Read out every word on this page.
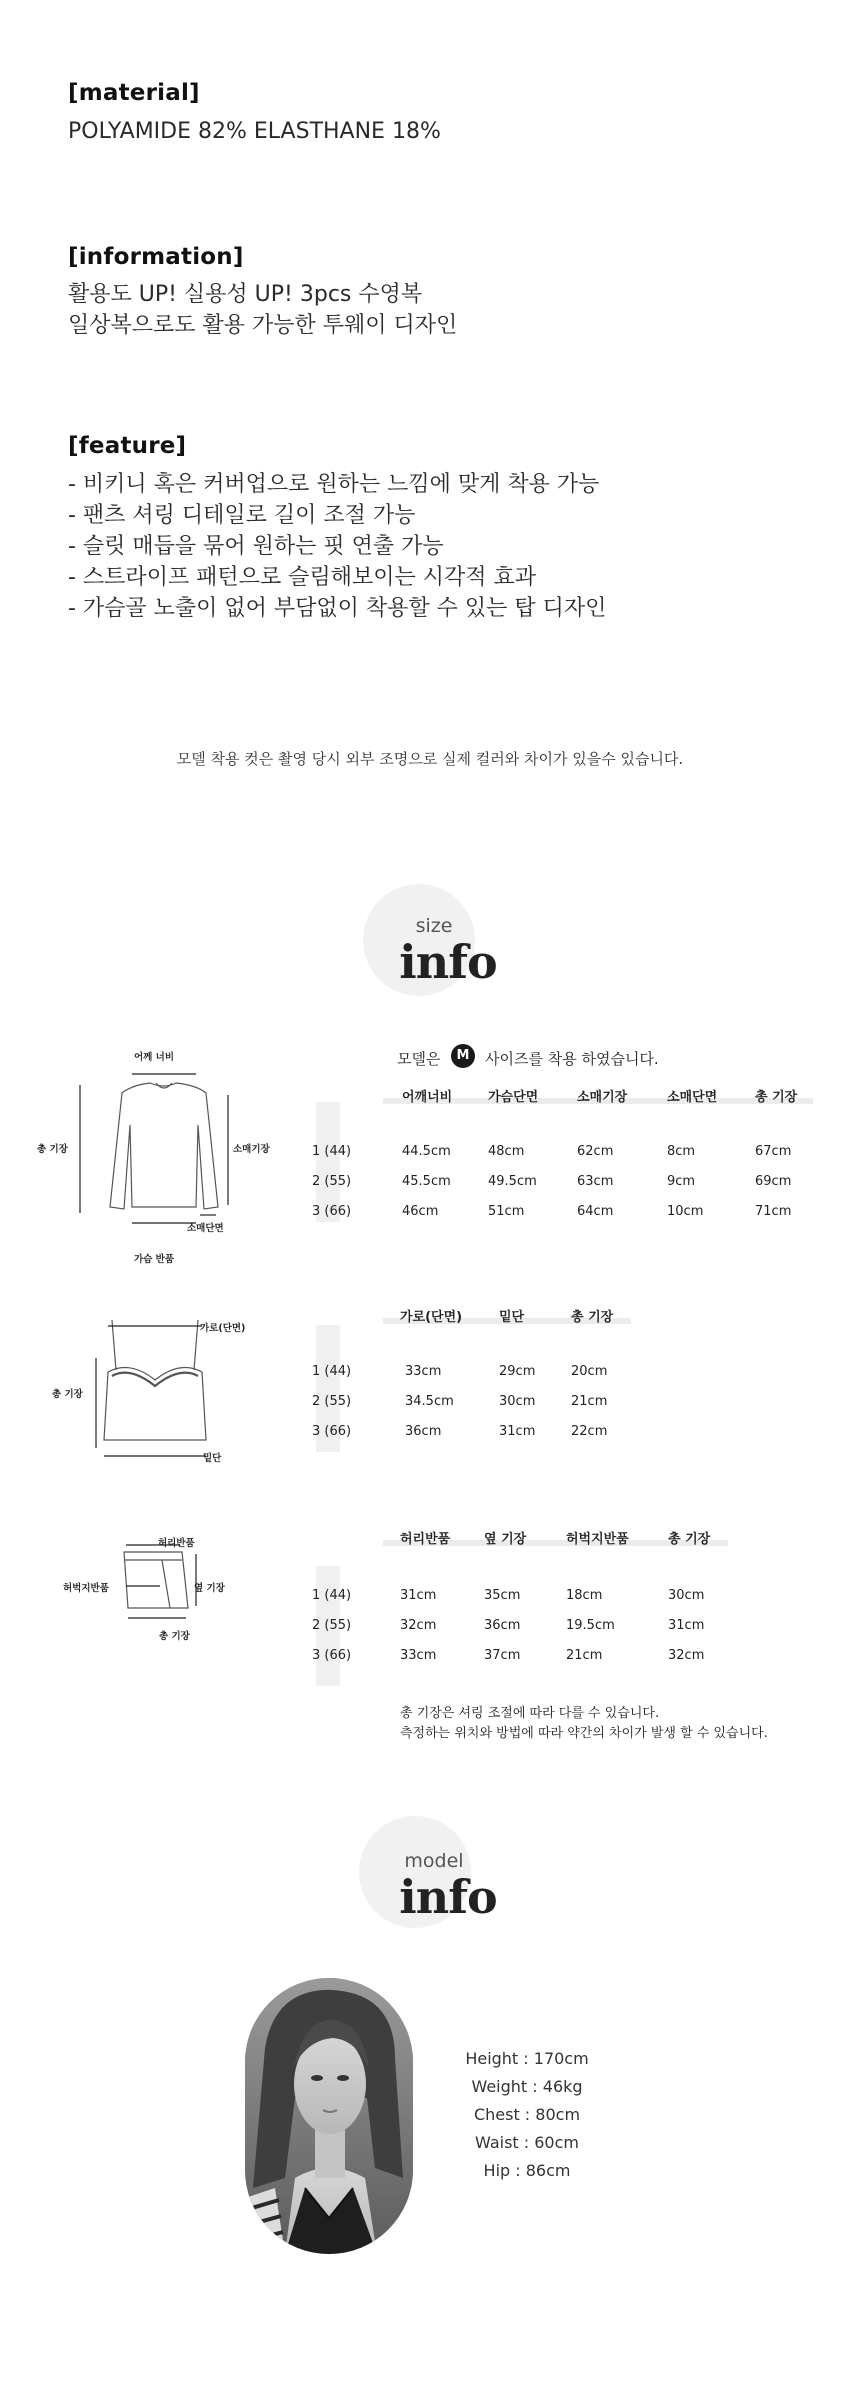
[material]
POLYAMIDE 82% ELASTHANE 18%
[information]
활용도 UP! 실용성 UP! 3pcs 수영복
일상복으로도 활용 가능한 투웨이 디자인
[feature]
- 비키니 혹은 커버업으로 원하는 느낌에 맞게 착용 가능
- 팬츠 셔링 디테일로 길이 조절 가능
- 슬릿 매듭을 묶어 원하는 핏 연출 가능
- 스트라이프 패턴으로 슬림해보이는 시각적 효과
- 가슴골 노출이 없어 부담없이 착용할 수 있는 탑 디자인
모델 착용 컷은 촬영 당시 외부 조명으로 실제 컬러와 차이가 있을수 있습니다.
size
info
모델은	M	사이즈를 착용 하였습니다.
어께 너비
총 기장	소매기장
소매단면
가슴 반품
어깨너비	가슴단면	소매기장	소매단면	총 기장
1 (44)	44.5cm	48cm	62cm	8cm	67cm
2 (55)	45.5cm	49.5cm	63cm	9cm	69cm
3 (66)	46cm	51cm	64cm	10cm	71cm
가로(단면)
총 기장
밑단
가로(단면)	밑단	총 기장
1 (44)	33cm	29cm	20cm
2 (55)	34.5cm	30cm	21cm
3 (66)	36cm	31cm	22cm
허리반품
허벅지반품	옆 기장
총 기장
허리반품	옆 기장	허벅지반품	총 기장
1 (44)	31cm	35cm	18cm	30cm
2 (55)	32cm	36cm	19.5cm	31cm
3 (66)	33cm	37cm	21cm	32cm
총 기장은 셔링 조절에 따라 다를 수 있습니다.
측정하는 위치와 방법에 따라 약간의 차이가 발생 할 수 있습니다.
model
info
Height : 170cm
Weight : 46kg
Chest : 80cm
Waist : 60cm
Hip : 86cm
